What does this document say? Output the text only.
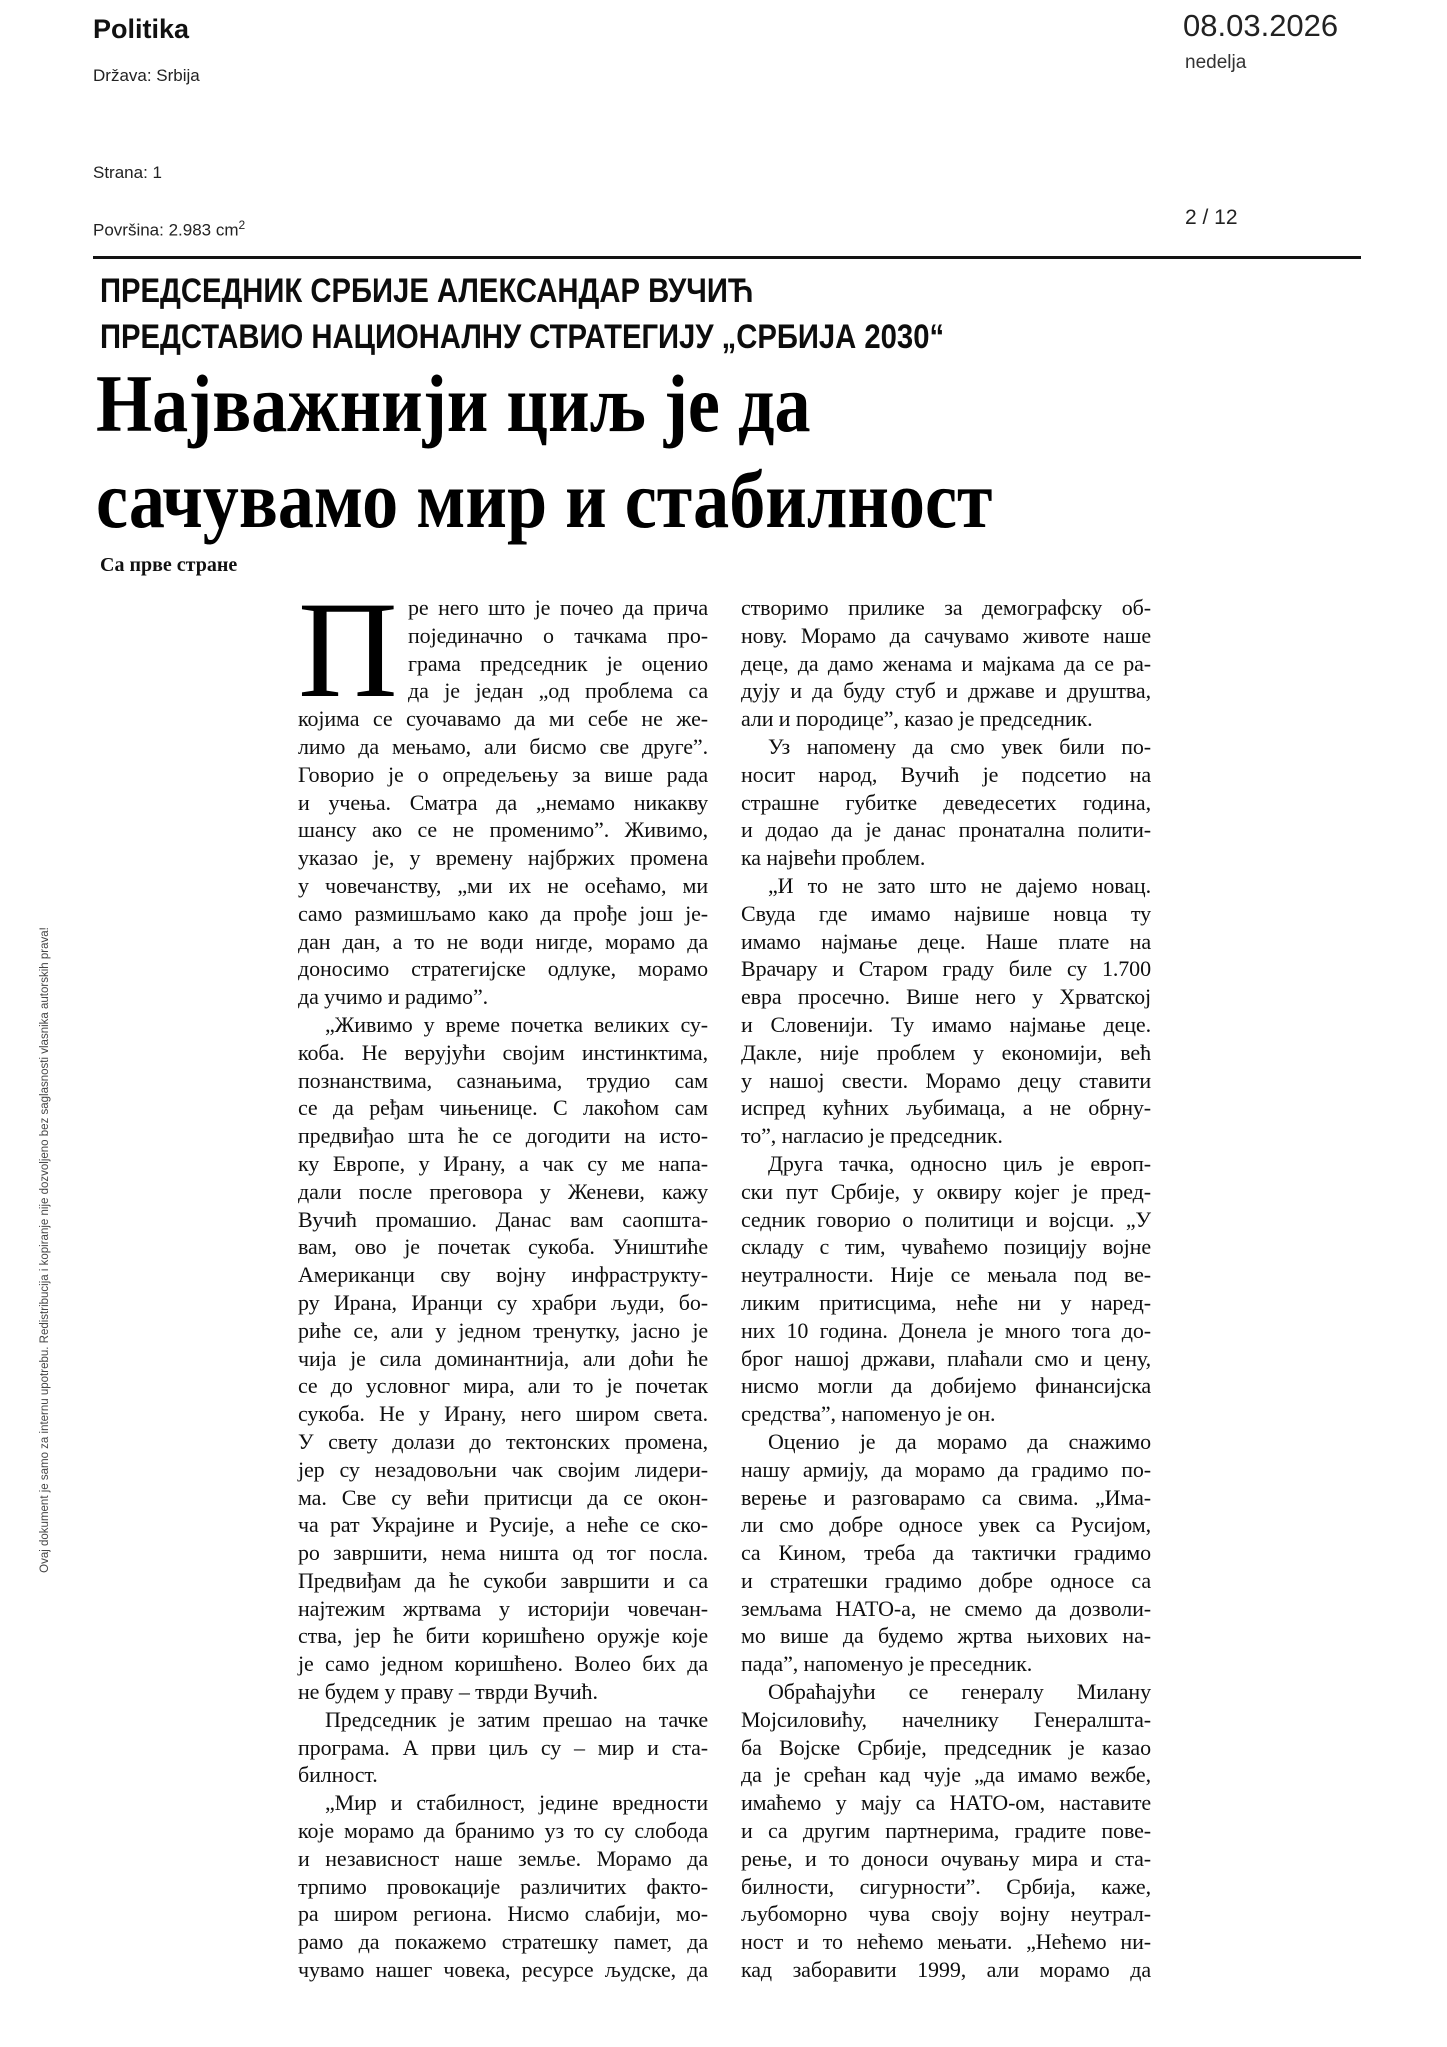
Politika
Država: Srbija
Strana: 1
Površina: 2.983 $cm^2$
08.03.2026
nedelja
2 / 12
ПРЕДСЕДНИК СРБИЈЕ АЛЕКСАНДАР ВУЧИЋ
ПРЕДСТАВИО НАЦИОНАЛНУ СТРАТЕГИЈУ „СРБИЈА 2030“
Најважнији циљ је да
сачувамо мир и стабилност
Са прве стране
П ре него што је почео да прича
појединачно о тачкама про-
грама председник је оценио
да је један „од проблема са
којима се суочавамо да ми себе не же-
лимо да мењамо, али бисмо све друге”.
Говорио је о опредељењу за више рада
и учења. Сматра да „немамо никакву
шансу ако се не променимо”. Живимо,
указао је, у времену најбржих промена
у човечанству, „ми их не осећамо, ми
само размишљамо како да прође још је-
дан дан, а то не води нигде, морамо да
доносимо стратегијске одлуке, морамо
да учимо и радимо”.
„Живимо у време почетка великих су-
коба. Не верујући својим инстинктима,
познанствима, сазнањима, трудио сам
се да ређам чињенице. С лакоћом сам
предвиђао шта ће се догодити на исто-
ку Европе, у Ирану, а чак су ме напа-
дали после преговора у Женеви, кажу
Вучић промашио. Данас вам саопшта-
вам, ово је почетак сукоба. Уништиће
Американци сву војну инфраструкту-
ру Ирана, Иранци су храбри људи, бо-
риће се, али у једном тренутку, јасно је
чија је сила доминантнија, али доћи ће
се до условног мира, али то је почетак
сукоба. Не у Ирану, него широм света.
У свету долази до тектонских промена,
јер су незадовољни чак својим лидери-
ма. Све су већи притисци да се окон-
ча рат Украјине и Русије, а неће се ско-
ро завршити, нема ништа од тог посла.
Предвиђам да ће сукоби завршити и са
најтежим жртвама у историји човечан-
ства, јер ће бити коришћено оружје које
је само једном коришћено. Волео бих да
не будем у праву – тврди Вучић.
Председник је затим прешао на тачке
програма. А први циљ су – мир и ста-
билност.
„Мир и стабилност, једине вредности
које морамо да бранимо уз то су слобода
и независност наше земље. Морамо да
трпимо провокације различитих факто-
ра широм региона. Нисмо слабији, мо-
рамо да покажемо стратешку памет, да
чувамо нашег човека, ресурсе људске, да
створимо прилике за демографску об-
нову. Морамо да сачувамо животе наше
деце, да дамо женама и мајкама да се ра-
дују и да буду стуб и државе и друштва,
али и породице”, казао је председник.
Уз напомену да смо увек били по-
носит народ, Вучић је подсетио на
страшне губитке деведесетих година,
и додао да је данас пронатална полити-
ка највећи проблем.
„И то не зато што не дајемо новац.
Свуда где имамо највише новца ту
имамо најмање деце. Наше плате на
Врачару и Старом граду биле су 1.700
евра просечно. Више него у Хрватској
и Словенији. Ту имамо најмање деце.
Дакле, није проблем у економији, већ
у нашој свести. Морамо децу ставити
испред кућних љубимаца, а не обрну-
то”, нагласио је председник.
Друга тачка, односно циљ је европ-
ски пут Србије, у оквиру којег је пред-
седник говорио о политици и војсци. „У
складу с тим, чуваћемо позицију војне
неутралности. Није се мењала под ве-
ликим притисцима, неће ни у наред-
них 10 година. Донела је много тога до-
брог нашој држави, плаћали смо и цену,
нисмо могли да добијемо финансијска
средства”, напоменуо је он.
Оценио је да морамо да снажимо
нашу армију, да морамо да градимо по-
верење и разговарамо са свима. „Има-
ли смо добре односе увек са Русијом,
са Кином, треба да тактички градимо
и стратешки градимо добре односе са
земљама НАТО-а, не смемо да дозволи-
мо више да будемо жртва њихових на-
пада”, напоменуо је преседник.
Обраћајући се генералу Милану
Мојсиловићу, начелнику Генералшта-
ба Војске Србије, председник је казао
да је срећан кад чује „да имамо вежбе,
имаћемо у мају са НАТО-ом, наставите
и са другим партнерима, градите пове-
рење, и то доноси очувању мира и ста-
билности, сигурности”. Србија, каже,
љубоморно чува своју војну неутрал-
ност и то нећемо мењати. „Нећемо ни-
кад заборавити 1999, али морамо да
Ovaj dokument je samo za internu upotrebu. Redistribucija i kopiranje nije dozvoljeno bez saglasnosti vlasnika autorskih prava!
